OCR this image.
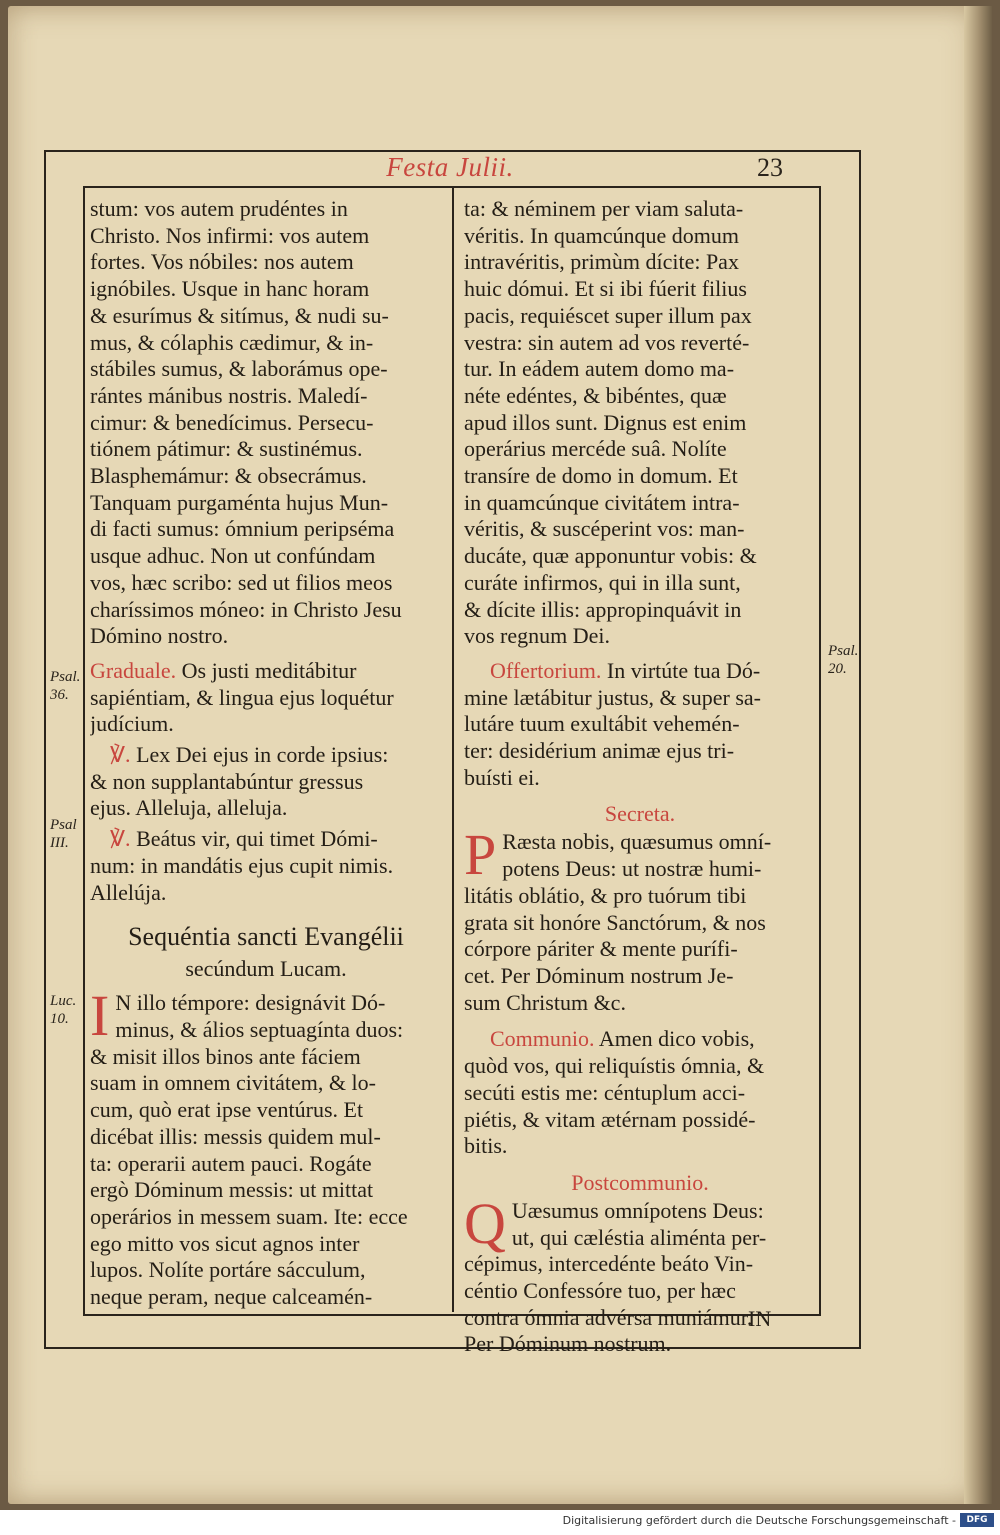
Festa Julii.	23
stum: vos autem prudéntes in
Christo. Nos infirmi: vos autem
fortes. Vos nóbiles: nos autem
ignóbiles. Usque in hanc horam
& esurímus & sitímus, & nudi su-
mus, & cólaphis cædimur, & in-
stábiles sumus, & laborámus ope-
rántes mánibus nostris. Maledí-
cimur: & benedícimus. Persecu-
tiónem pátimur: & sustinémus.
Blasphemámur: & obsecrámus.
Tanquam purgaménta hujus Mun-
di facti sumus: ómnium peripséma
usque adhuc. Non ut confúndam
vos, hæc scribo: sed ut filios meos
charíssimos móneo: in Christo Jesu
Dómino nostro.
Graduale. Os justi meditábitur
sapiéntiam, & lingua ejus loquétur
judícium.
℣. Lex Dei ejus in corde ipsius:
& non supplantabúntur gressus
ejus. Alleluja, alleluja.
℣. Beátus vir, qui timet Dómi-
num: in mandátis ejus cupit nimis.
Allelúja.
Sequéntia sancti Evangélii
secúndum Lucam.
I N illo témpore: designávit Dó-
minus, & álios septuagínta duos:
& misit illos binos ante fáciem
suam in omnem civitátem, & lo-
cum, quò erat ipse ventúrus. Et
dicébat illis: messis quidem mul-
ta: operarii autem pauci. Rogáte
ergò Dóminum messis: ut mittat
operários in messem suam. Ite: ecce
ego mitto vos sicut agnos inter
lupos. Nolíte portáre sácculum,
neque peram, neque calceamén-
ta: & néminem per viam saluta-
véritis. In quamcúnque domum
intravéritis, primùm dícite: Pax
huic dómui. Et si ibi fúerit filius
pacis, requiéscet super illum pax
vestra: sin autem ad vos reverté-
tur. In eádem autem domo ma-
néte edéntes, & bibéntes, quæ
apud illos sunt. Dignus est enim
operárius mercéde suâ. Nolíte
transíre de domo in domum. Et
in quamcúnque civitátem intra-
véritis, & suscéperint vos: man-
ducáte, quæ apponuntur vobis: &
curáte infirmos, qui in illa sunt,
& dícite illis: appropinquávit in
vos regnum Dei.
Offertorium. In virtúte tua Dó-
mine lætábitur justus, & super sa-
lutáre tuum exultábit vehemén-
ter: desidérium animæ ejus tri-
buísti ei.
Secreta.
P Ræsta nobis, quæsumus omní-
potens Deus: ut nostræ humi-
litátis oblátio, & pro tuórum tibi
grata sit honóre Sanctórum, & nos
córpore páriter & mente purífi-
cet. Per Dóminum nostrum Je-
sum Christum &c.
Communio. Amen dico vobis,
quòd vos, qui reliquístis ómnia, &
secúti estis me: céntuplum acci-
piétis, & vitam ætérnam possidé-
bitis.
Postcommunio.
Q Uæsumus omnípotens Deus:
ut, qui cæléstia aliménta per-
cépimus, intercedénte beáto Vin-
céntio Confessóre tuo, per hæc
contra ómnia advérsa muniámur.
Per Dóminum nostrum.
Psal.
36.
Psal
III.
Luc.
10.
Psal.
20.
IN
Digitalisierung gefördert durch die Deutsche Forschungsgemeinschaft -	DFG
